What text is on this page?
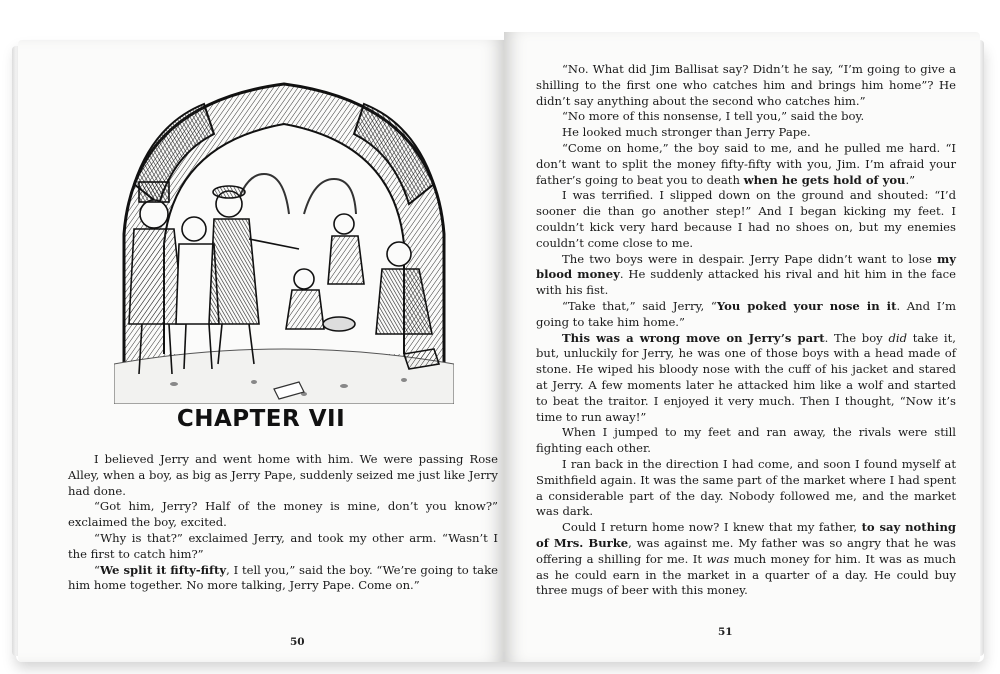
CHAPTER VII

I believed Jerry and went home with him. We were passing Rose Alley, when a boy, as big as Jerry Pape, suddenly seized me just like Jerry had done.

“Got him, Jerry? Half of the money is mine, don’t you know?” exclaimed the boy, excited.

“Why is that?” exclaimed Jerry, and took my other arm. “Wasn’t I the first to catch him?”

“We split it fifty-fifty, I tell you,” said the boy. “We’re going to take him home together. No more talking, Jerry Pape. Come on.”

50

“No. What did Jim Ballisat say? Didn’t he say, “I’m going to give a shilling to the first one who catches him and brings him home”? He didn’t say anything about the second who catches him.”

“No more of this nonsense, I tell you,” said the boy.

He looked much stronger than Jerry Pape.

“Come on home,” the boy said to me, and he pulled me hard. “I don’t want to split the money fifty-fifty with you, Jim. I’m afraid your father’s going to beat you to death when he gets hold of you.”

I was terrified. I slipped down on the ground and shouted: “I’d sooner die than go another step!” And I began kicking my feet. I couldn’t kick very hard because I had no shoes on, but my enemies couldn’t come close to me.

The two boys were in despair. Jerry Pape didn’t want to lose my blood money. He suddenly attacked his rival and hit him in the face with his fist.

“Take that,” said Jerry, “You poked your nose in it. And I’m going to take him home.”

This was a wrong move on Jerry’s part. The boy did take it, but, unluckily for Jerry, he was one of those boys with a head made of stone. He wiped his bloody nose with the cuff of his jacket and stared at Jerry. A few moments later he attacked him like a wolf and started to beat the traitor. I enjoyed it very much. Then I thought, “Now it’s time to run away!”

When I jumped to my feet and ran away, the rivals were still fighting each other.

I ran back in the direction I had come, and soon I found myself at Smithfield again. It was the same part of the market where I had spent a considerable part of the day. Nobody followed me, and the market was dark.

Could I return home now? I knew that my father, to say nothing of Mrs. Burke, was against me. My father was so angry that he was offering a shilling for me. It was much money for him. It was as much as he could earn in the market in a quarter of a day. He could buy three mugs of beer with this money.

51
